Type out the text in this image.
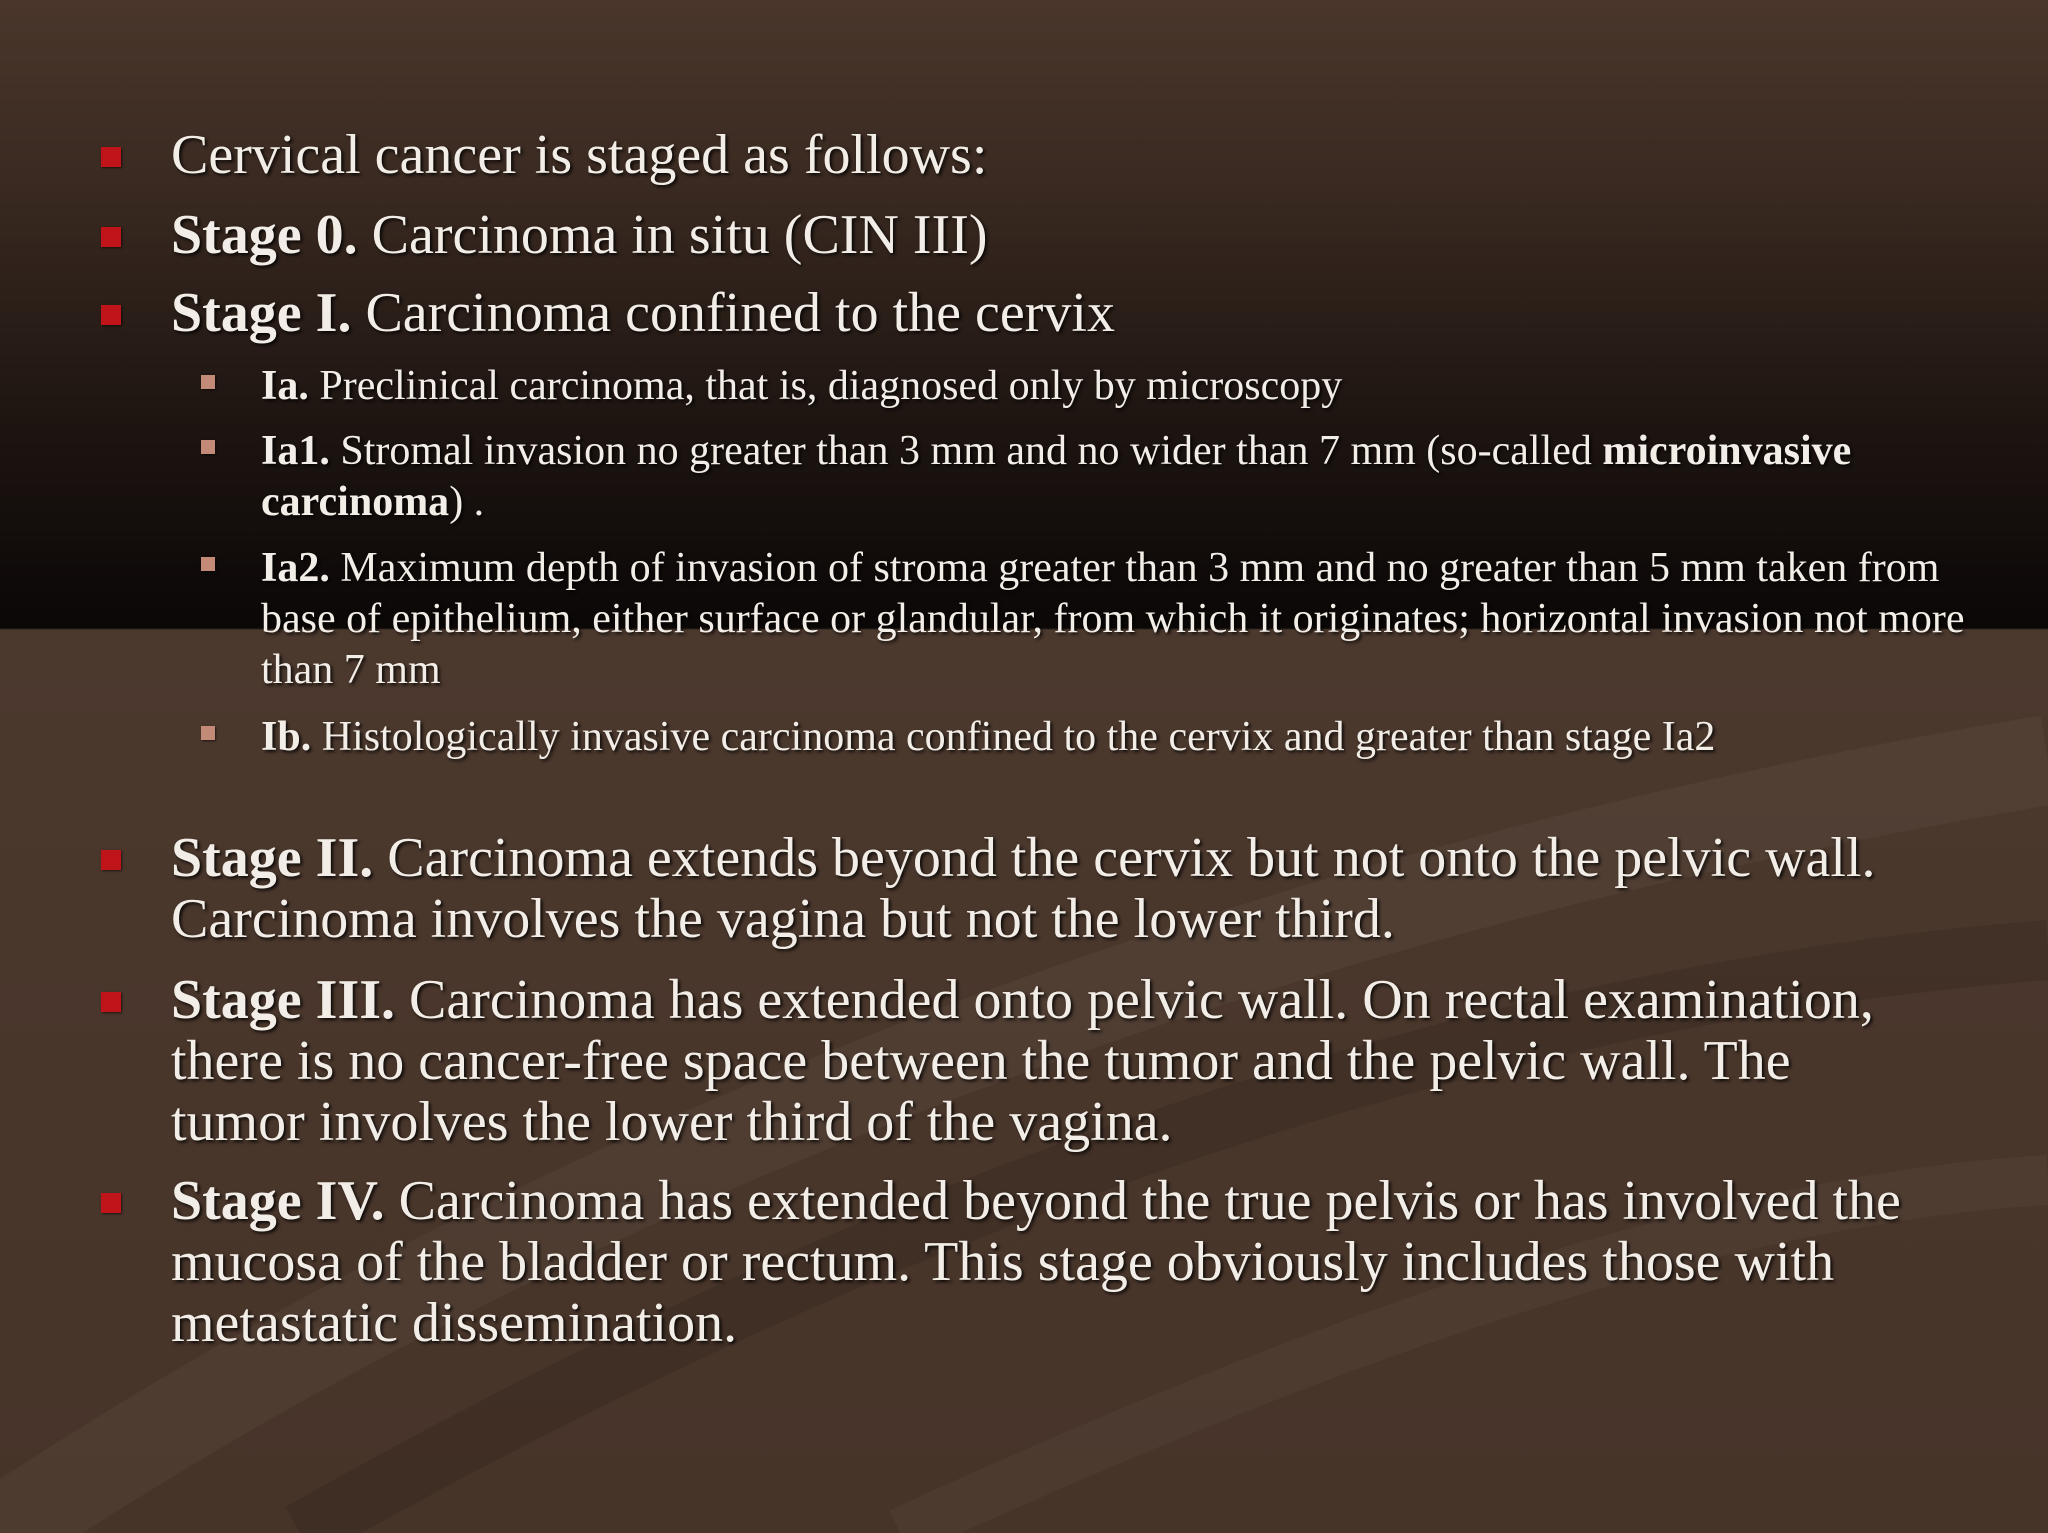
Cervical cancer is staged as follows:
Stage 0. Carcinoma in situ (CIN III)
Stage I. Carcinoma confined to the cervix
Ia. Preclinical carcinoma, that is, diagnosed only by microscopy
Ia1. Stromal invasion no greater than 3 mm and no wider than 7 mm (so-called microinvasive carcinoma) .
Ia2. Maximum depth of invasion of stroma greater than 3 mm and no greater than 5 mm taken from base of epithelium, either surface or glandular, from which it originates; horizontal invasion not more than 7 mm
Ib. Histologically invasive carcinoma confined to the cervix and greater than stage Ia2
Stage II. Carcinoma extends beyond the cervix but not onto the pelvic wall. Carcinoma involves the vagina but not the lower third.
Stage III. Carcinoma has extended onto pelvic wall. On rectal examination, there is no cancer-free space between the tumor and the pelvic wall. The tumor involves the lower third of the vagina.
Stage IV. Carcinoma has extended beyond the true pelvis or has involved the mucosa of the bladder or rectum. This stage obviously includes those with metastatic dissemination.
